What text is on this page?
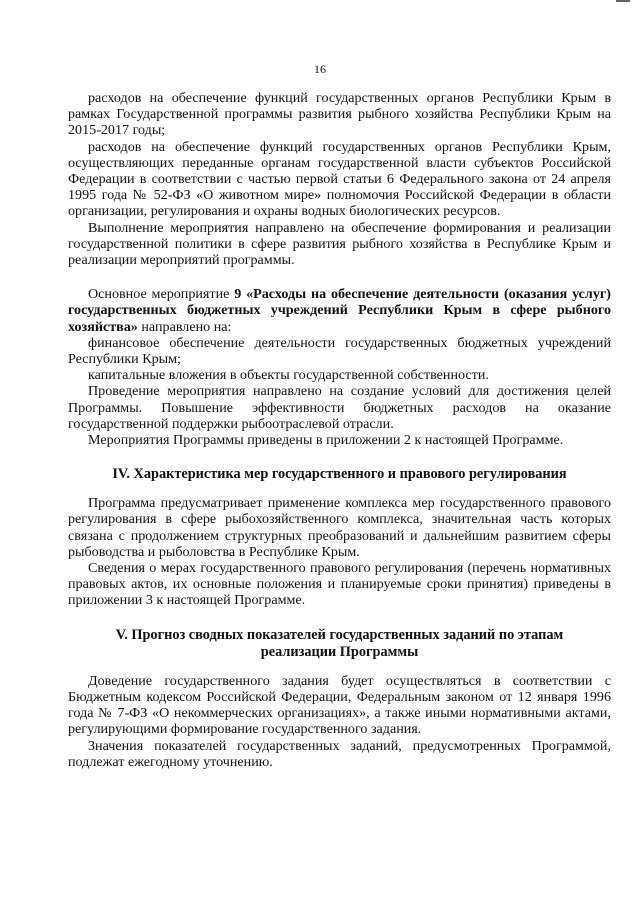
16

расходов на обеспечение функций государственных органов Республики Крым в рамках Государственной программы развития рыбного хозяйства Республики Крым на 2015-2017 годы;

расходов на обеспечение функций государственных органов Республики Крым, осуществляющих переданные органам государственной власти субъектов Российской Федерации в соответствии с частью первой статьи 6 Федерального закона от 24 апреля 1995 года № 52-ФЗ «О животном мире» полномочия Российской Федерации в области организации, регулирования и охраны водных биологических ресурсов.

Выполнение мероприятия направлено на обеспечение формирования и реализации государственной политики в сфере развития рыбного хозяйства в Республике Крым и реализации мероприятий программы.

Основное мероприятие 9 «Расходы на обеспечение деятельности (оказания услуг) государственных бюджетных учреждений Республики Крым в сфере рыбного хозяйства» направлено на:

финансовое обеспечение деятельности государственных бюджетных учреждений Республики Крым;

капитальные вложения в объекты государственной собственности.

Проведение мероприятия направлено на создание условий для достижения целей Программы. Повышение эффективности бюджетных расходов на оказание государственной поддержки рыбоотраслевой отрасли.

Мероприятия Программы приведены в приложении 2 к настоящей Программе.

IV. Характеристика мер государственного и правового регулирования

Программа предусматривает применение комплекса мер государственного правового регулирования в сфере рыбохозяйственного комплекса, значительная часть которых связана с продолжением структурных преобразований и дальнейшим развитием сферы рыбоводства и рыболовства в Республике Крым.

Сведения о мерах государственного правового регулирования (перечень нормативных правовых актов, их основные положения и планируемые сроки принятия) приведены в приложении 3 к настоящей Программе.

V. Прогноз сводных показателей государственных заданий по этапам
реализации Программы

Доведение государственного задания будет осуществляться в соответствии с Бюджетным кодексом Российской Федерации, Федеральным законом от 12 января 1996 года № 7-ФЗ «О некоммерческих организациях», а также иными нормативными актами, регулирующими формирование государственного задания.

Значения показателей государственных заданий, предусмотренных Программой, подлежат ежегодному уточнению.
